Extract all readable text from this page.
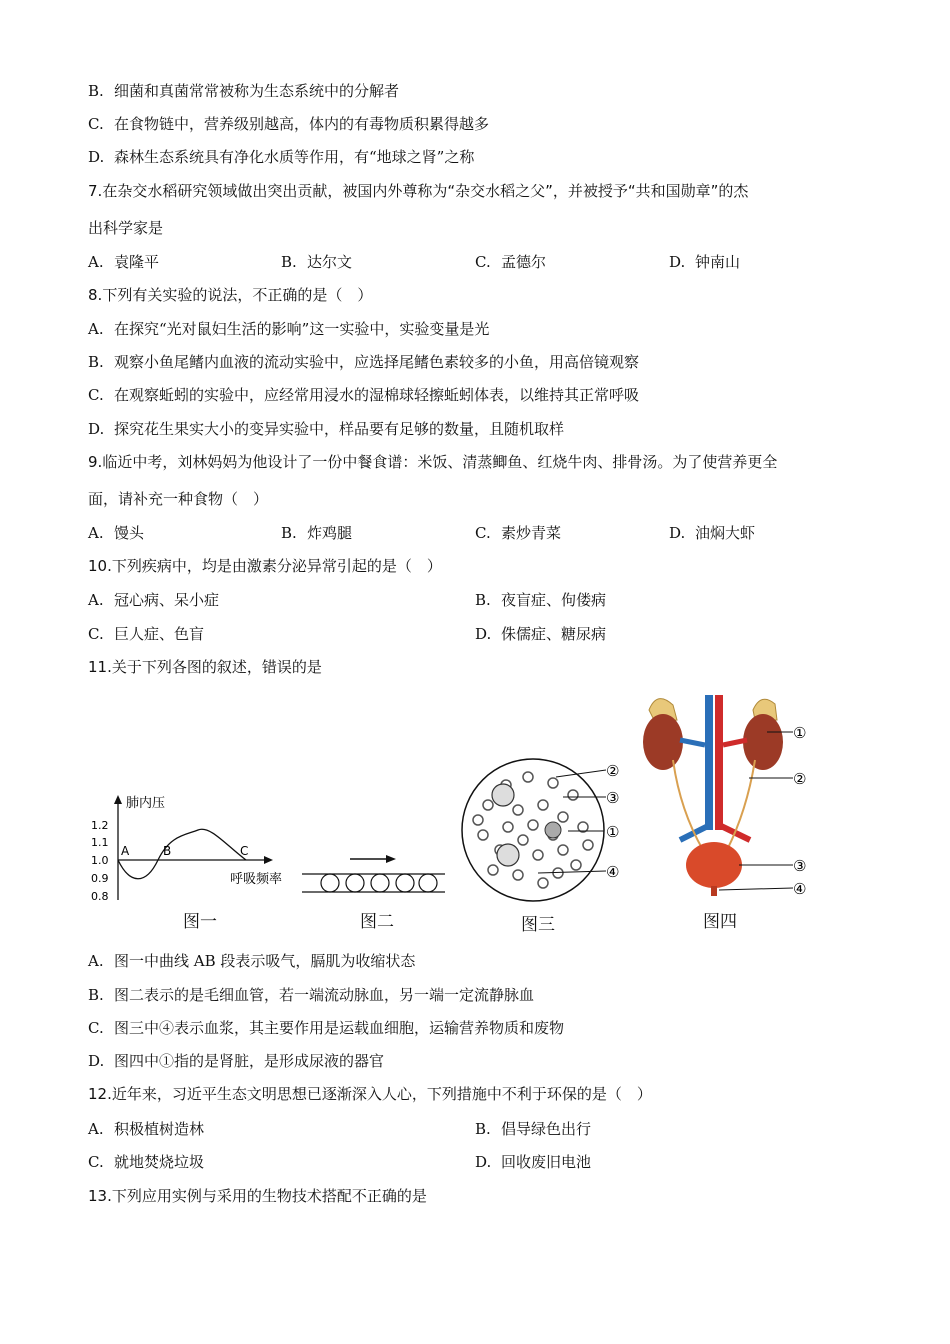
B. 细菌和真菌常常被称为生态系统中的分解者
C. 在食物链中，营养级别越高，体内的有毒物质积累得越多
D. 森林生态系统具有净化水质等作用，有“地球之肾”之称
7.在杂交水稻研究领域做出突出贡献，被国内外尊称为“杂交水稻之父”，并被授予“共和国勋章”的杰
出科学家是
A. 袁隆平	B. 达尔文	C. 孟德尔	D. 钟南山
8.下列有关实验的说法，不正确的是（　）
A. 在探究“光对鼠妇生活的影响”这一实验中，实验变量是光
B. 观察小鱼尾鳍内血液的流动实验中，应选择尾鳍色素较多的小鱼，用高倍镜观察
C. 在观察蚯蚓的实验中，应经常用浸水的湿棉球轻擦蚯蚓体表，以维持其正常呼吸
D. 探究花生果实大小的变异实验中，样品要有足够的数量，且随机取样
9.临近中考，刘林妈妈为他设计了一份中餐食谱：米饭、清蒸鲫鱼、红烧牛肉、排骨汤。为了使营养更全
面，请补充一种食物（　）
A. 馒头	B. 炸鸡腿	C. 素炒青菜	D. 油焖大虾
10.下列疾病中，均是由激素分泌异常引起的是（　）
A. 冠心病、呆小症	B. 夜盲症、佝偻病
C. 巨人症、色盲	D. 侏儒症、糖尿病
11.关于下列各图的叙述，错误的是
肺内压
呼吸频率
1.2
1.1
1.0
0.9
0.8
A	B	C
图一	图二
②
③
①
④
图三
①
②
③
④
图四
A. 图一中曲线 AB 段表示吸气，膈肌为收缩状态
B. 图二表示的是毛细血管，若一端流动脉血，另一端一定流静脉血
C. 图三中④表示血浆，其主要作用是运载血细胞，运输营养物质和废物
D. 图四中①指的是肾脏，是形成尿液的器官
12.近年来，习近平生态文明思想已逐渐深入人心，下列措施中不利于环保的是（　）
A. 积极植树造林	B. 倡导绿色出行
C. 就地焚烧垃圾	D. 回收废旧电池
13.下列应用实例与采用的生物技术搭配不正确的是
